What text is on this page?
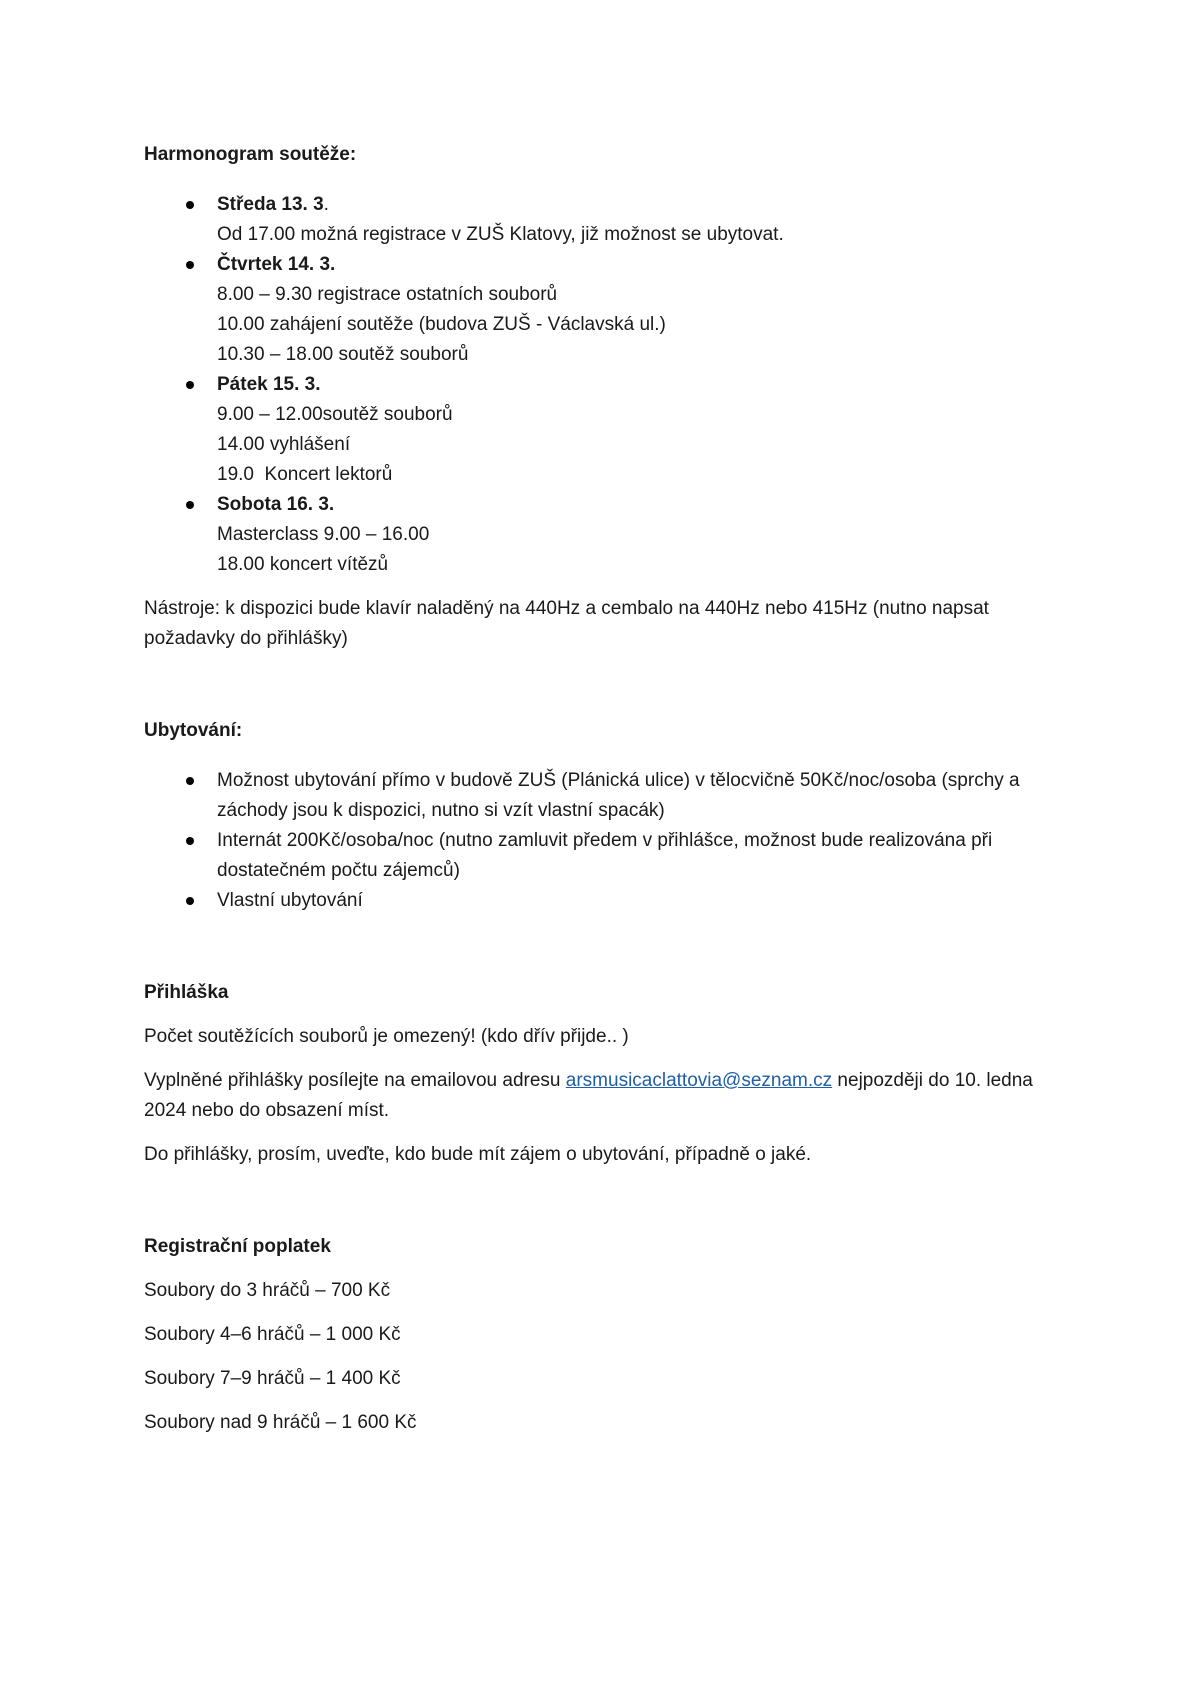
Harmonogram soutěže:

Středa 13. 3.
Od 17.00 možná registrace v ZUŠ Klatovy, již možnost se ubytovat.
Čtvrtek 14. 3.
8.00 – 9.30 registrace ostatních souborů
10.00 zahájení soutěže (budova ZUŠ - Václavská ul.)
10.30 – 18.00 soutěž souborů
Pátek 15. 3.
9.00 – 12.00soutěž souborů
14.00 vyhlášení
19.0  Koncert lektorů
Sobota 16. 3.
Masterclass 9.00 – 16.00
18.00 koncert vítězů

Nástroje: k dispozici bude klavír naladěný na 440Hz a cembalo na 440Hz nebo 415Hz (nutno napsat požadavky do přihlášky)

Ubytování:

Možnost ubytování přímo v budově ZUŠ (Plánická ulice) v tělocvičně 50Kč/noc/osoba (sprchy a záchody jsou k dispozici, nutno si vzít vlastní spacák)
Internát 200Kč/osoba/noc (nutno zamluvit předem v přihlášce, možnost bude realizována při dostatečném počtu zájemců)
Vlastní ubytování

Přihláška

Počet soutěžících souborů je omezený! (kdo dřív přijde.. )

Vyplněné přihlášky posílejte na emailovou adresu arsmusicaclattovia@seznam.cz nejpozději do 10. ledna 2024 nebo do obsazení míst.

Do přihlášky, prosím, uveďte, kdo bude mít zájem o ubytování, případně o jaké.

Registrační poplatek

Soubory do 3 hráčů – 700 Kč

Soubory 4–6 hráčů – 1 000 Kč

Soubory 7–9 hráčů – 1 400 Kč

Soubory nad 9 hráčů – 1 600 Kč
